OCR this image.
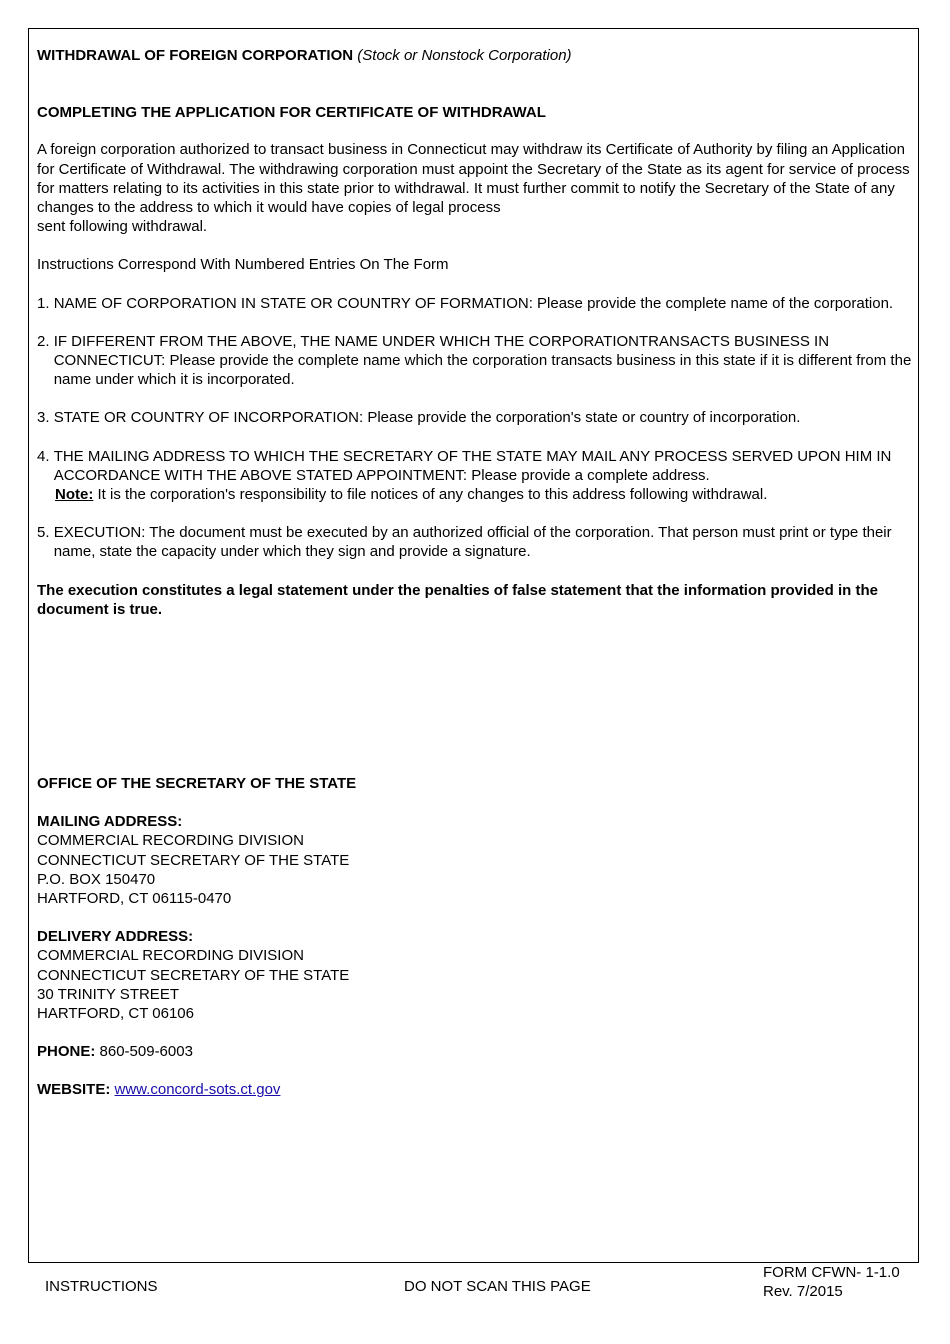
WITHDRAWAL OF FOREIGN CORPORATION (Stock or Nonstock Corporation)

COMPLETING THE APPLICATION FOR CERTIFICATE OF WITHDRAWAL

A foreign corporation authorized to transact business in Connecticut may withdraw its Certificate of Authority by filing an Application for Certificate of Withdrawal. The withdrawing corporation must appoint the Secretary of the State as its agent for service of process for matters relating to its activities in this state prior to withdrawal. It must further commit to notify the Secretary of the State of any changes to the address to which it would have copies of legal process
sent following withdrawal.

Instructions Correspond With Numbered Entries On The Form

1. NAME OF CORPORATION IN STATE OR COUNTRY OF FORMATION: Please provide the complete name of the corporation.
2. IF DIFFERENT FROM THE ABOVE, THE NAME UNDER WHICH THE CORPORATIONTRANSACTS BUSINESS IN CONNECTICUT: Please provide the complete name which the corporation transacts business in this state if it is different from the name under which it is incorporated.
3. STATE OR COUNTRY OF INCORPORATION: Please provide the corporation's state or country of incorporation.
4. THE MAILING ADDRESS TO WHICH THE SECRETARY OF THE STATE MAY MAIL ANY PROCESS SERVED UPON HIM IN ACCORDANCE WITH THE ABOVE STATED APPOINTMENT: Please provide a complete address.

Note: It is the corporation's responsibility to file notices of any changes to this address following withdrawal.

5. EXECUTION: The document must be executed by an authorized official of the corporation. That person must print or type their name, state the capacity under which they sign and provide a signature.

The execution constitutes a legal statement under the penalties of false statement that the information provided in the document is true.

OFFICE OF THE SECRETARY OF THE STATE
MAILING ADDRESS:
COMMERCIAL RECORDING DIVISION
CONNECTICUT SECRETARY OF THE STATE
P.O. BOX 150470
HARTFORD, CT 06115-0470
DELIVERY ADDRESS:
COMMERCIAL RECORDING DIVISION
CONNECTICUT SECRETARY OF THE STATE
30 TRINITY STREET
HARTFORD, CT 06106
PHONE: 860-509-6003
WEBSITE: www.concord-sots.ct.gov
INSTRUCTIONS	DO NOT SCAN THIS PAGE
FORM CFWN- 1-1.0
Rev. 7/2015
